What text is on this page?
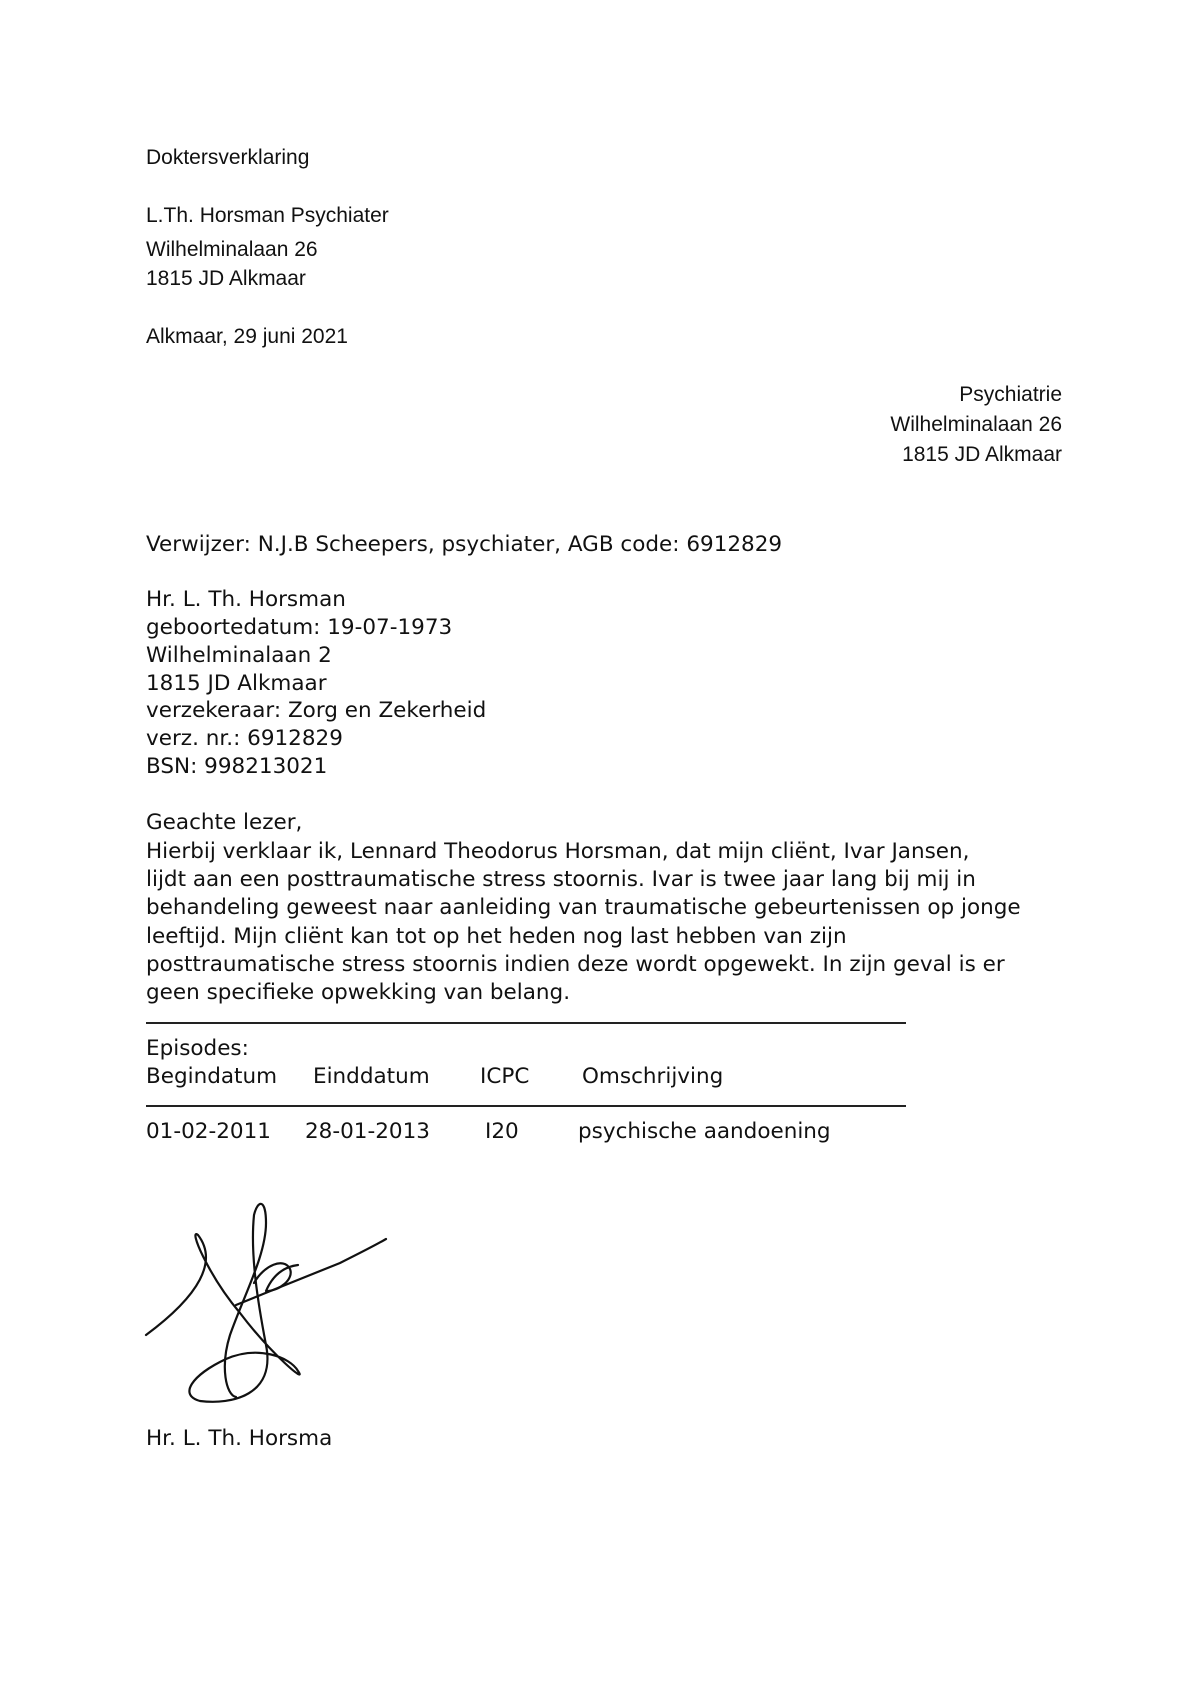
Doktersverklaring
L.Th. Horsman Psychiater
Wilhelminalaan 26
1815 JD Alkmaar
Alkmaar, 29 juni 2021
Psychiatrie
Wilhelminalaan 26
1815 JD Alkmaar
Verwijzer: N.J.B Scheepers, psychiater, AGB code: 6912829
Hr. L. Th. Horsman
geboortedatum: 19-07-1973
Wilhelminalaan 2
1815 JD Alkmaar
verzekeraar: Zorg en Zekerheid
verz. nr.: 6912829
BSN: 998213021
Geachte lezer,
Hierbij verklaar ik, Lennard Theodorus Horsman, dat mijn cliënt, Ivar Jansen,
lijdt aan een posttraumatische stress stoornis. Ivar is twee jaar lang bij mij in
behandeling geweest naar aanleiding van traumatische gebeurtenissen op jonge
leeftijd. Mijn cliënt kan tot op het heden nog last hebben van zijn
posttraumatische stress stoornis indien deze wordt opgewekt. In zijn geval is er
geen specifieke opwekking van belang.
Episodes:
Begindatum Einddatum ICPC Omschrijving
01-02-2011 28-01-2013	I20	psychische aandoening
Hr. L. Th. Horsma
